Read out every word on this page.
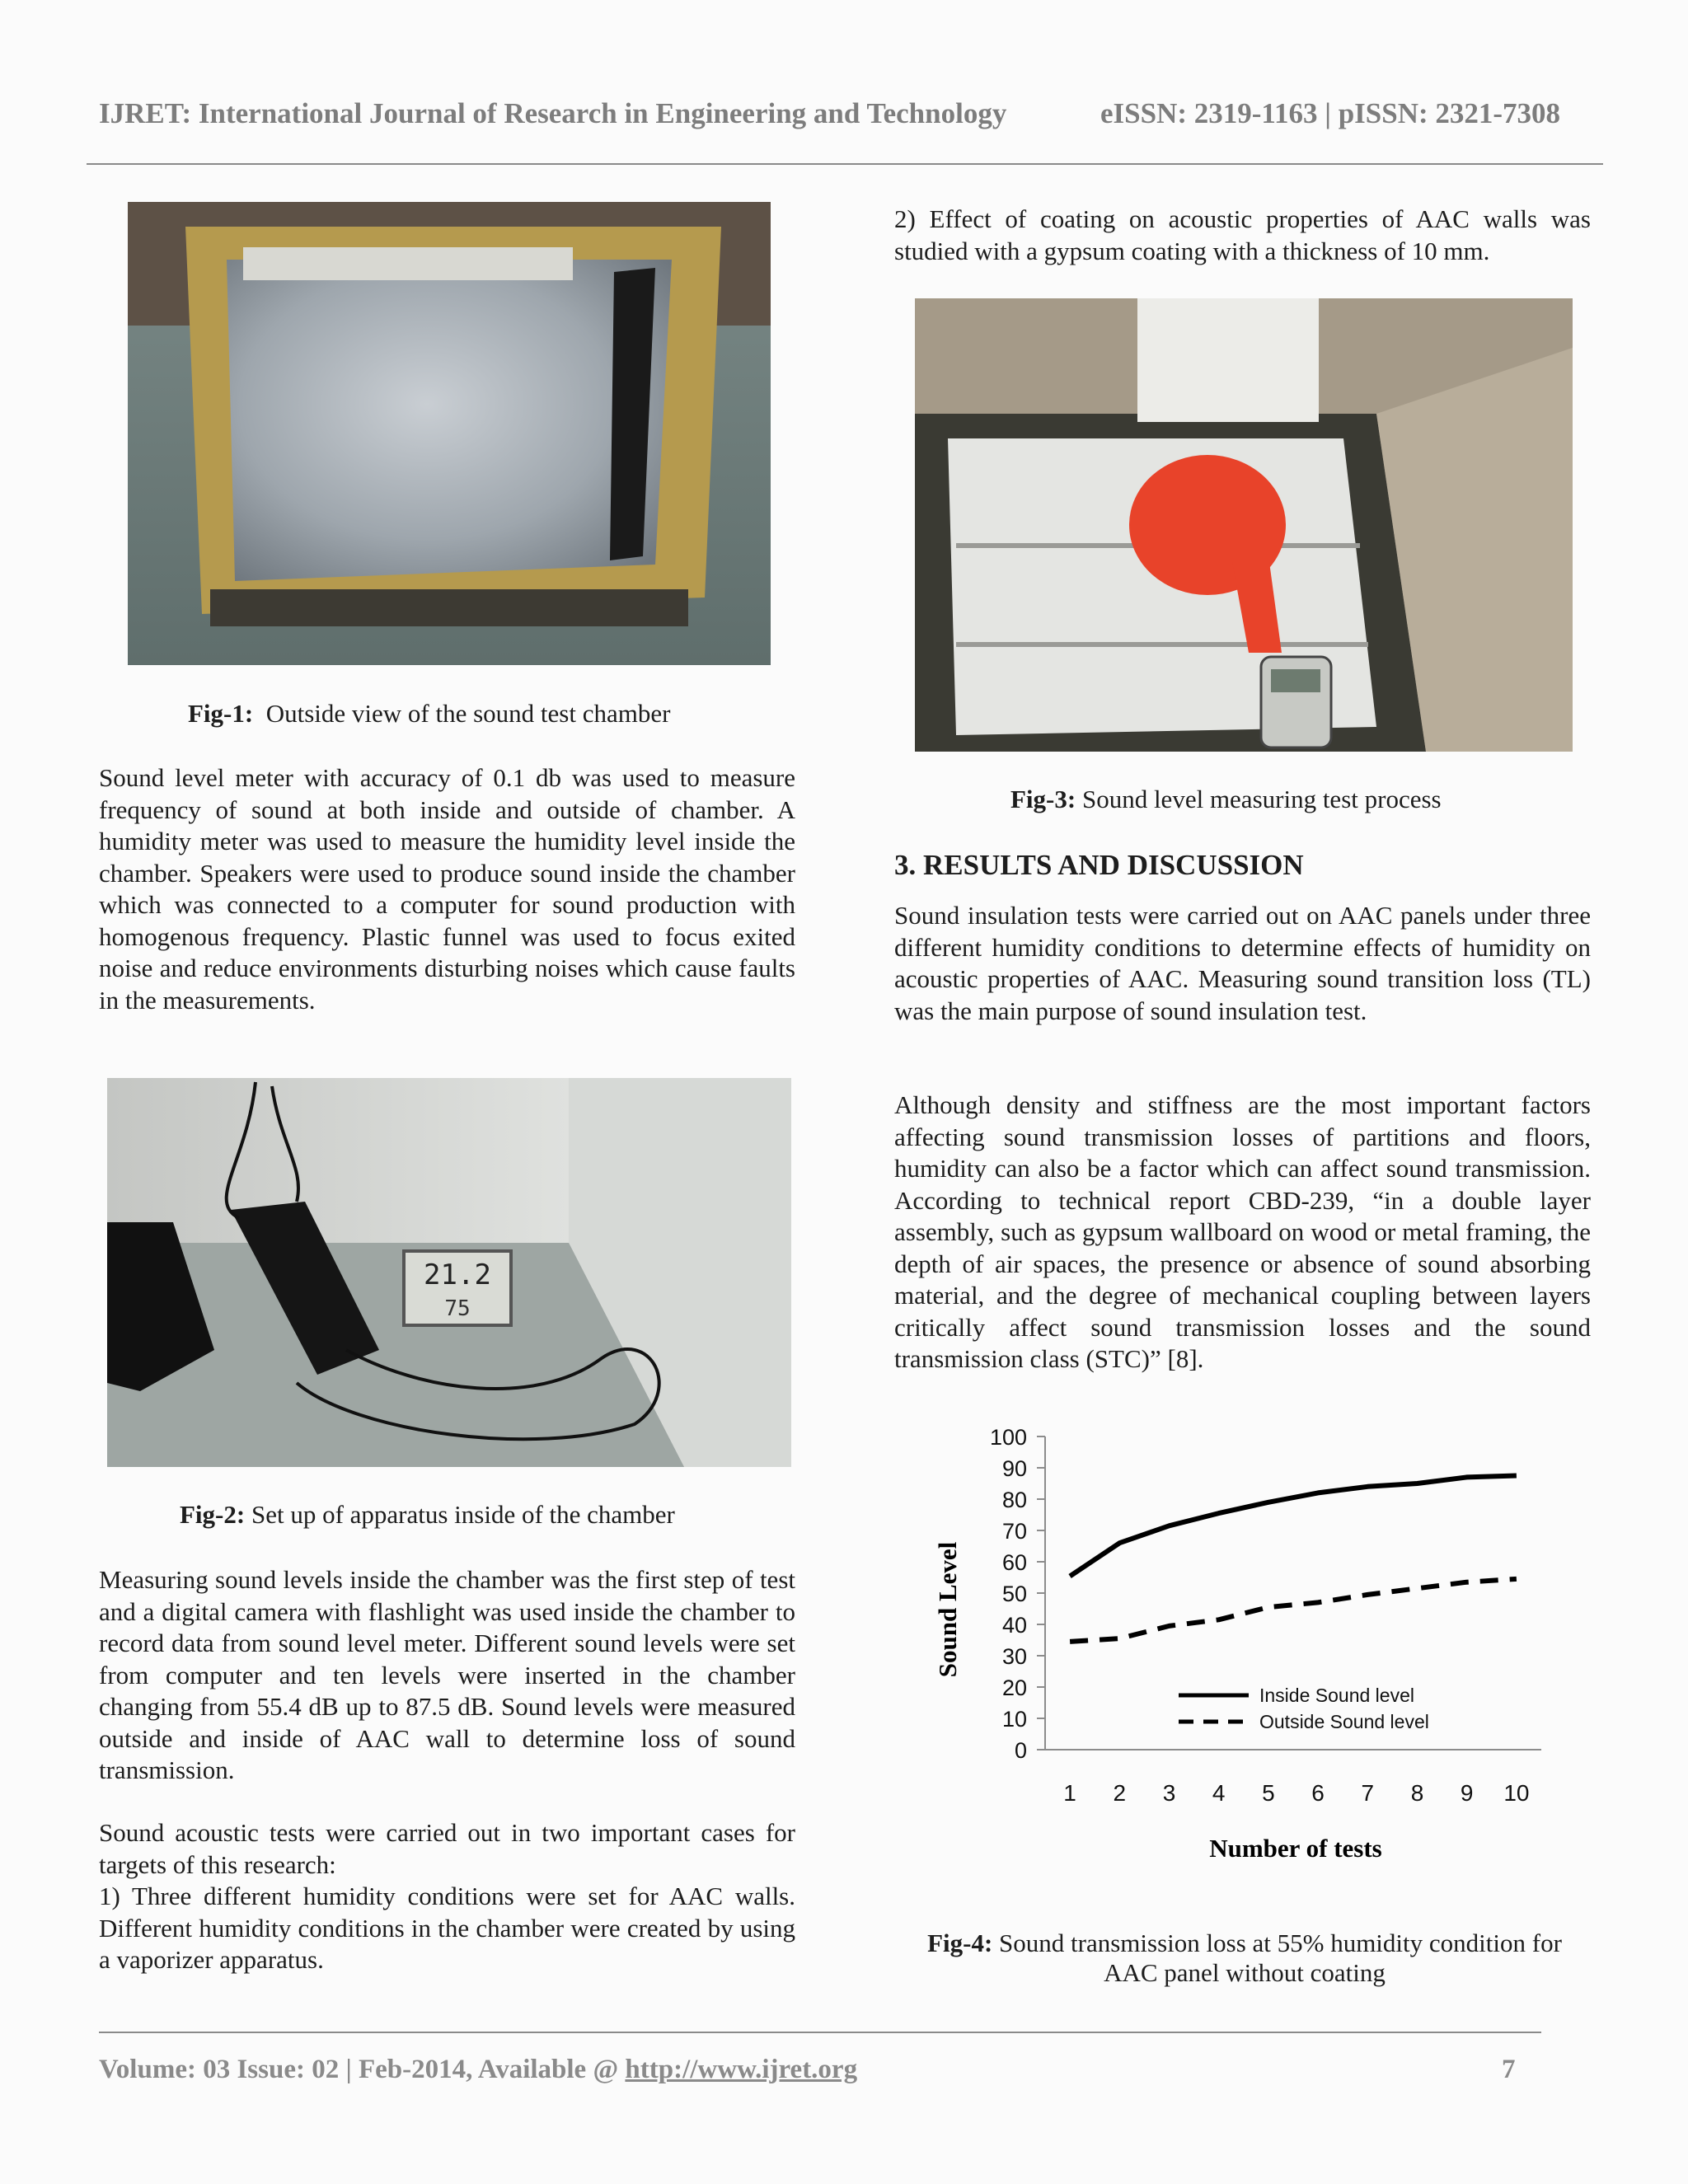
IJRET: International Journal of Research in Engineering and Technology	eISSN: 2319-1163 | pISSN: 2321-7308
Fig-1: Outside view of the sound test chamber

Sound level meter with accuracy of 0.1 db was used to measure frequency of sound at both inside and outside of chamber. A humidity meter was used to measure the humidity level inside the chamber. Speakers were used to produce sound inside the chamber which was connected to a computer for sound production with homogenous frequency. Plastic funnel was used to focus exited noise and reduce environments disturbing noises which cause faults in the measurements.

21.2
75
Fig-2: Set up of apparatus inside of the chamber

Measuring sound levels inside the chamber was the first step of test and a digital camera with flashlight was used inside the chamber to record data from sound level meter. Different sound levels were set from computer and ten levels were inserted in the chamber changing from 55.4 dB up to 87.5 dB. Sound levels were measured outside and inside of AAC wall to determine loss of sound transmission.

Sound acoustic tests were carried out in two important cases for targets of this research:

1) Three different humidity conditions were set for AAC walls. Different humidity conditions in the chamber were created by using a vaporizer apparatus.

2) Effect of coating on acoustic properties of AAC walls was studied with a gypsum coating with a thickness of 10 mm.

Fig-3: Sound level measuring test process
3. RESULTS AND DISCUSSION

Sound insulation tests were carried out on AAC panels under three different humidity conditions to determine effects of humidity on acoustic properties of AAC. Measuring sound transition loss (TL) was the main purpose of sound insulation test.

Although density and stiffness are the most important factors affecting sound transmission losses of partitions and floors, humidity can also be a factor which can affect sound transmission. According to technical report CBD-239, “in a double layer assembly, such as gypsum wallboard on wood or metal framing, the depth of air spaces, the presence or absence of sound absorbing material, and the degree of mechanical coupling between layers critically affect sound transmission losses and the sound transmission class (STC)” [8].

0
10
20
30
40
50
60
70
80
90
100
1 2 3 4 5 6 7 8 9 10
Inside Sound level
Outside Sound level
Sound Level
Number of tests
Fig-4: Sound transmission loss at 55% humidity condition for
AAC panel without coating
Volume: 03 Issue: 02 | Feb-2014, Available @ http://www.ijret.org	7
